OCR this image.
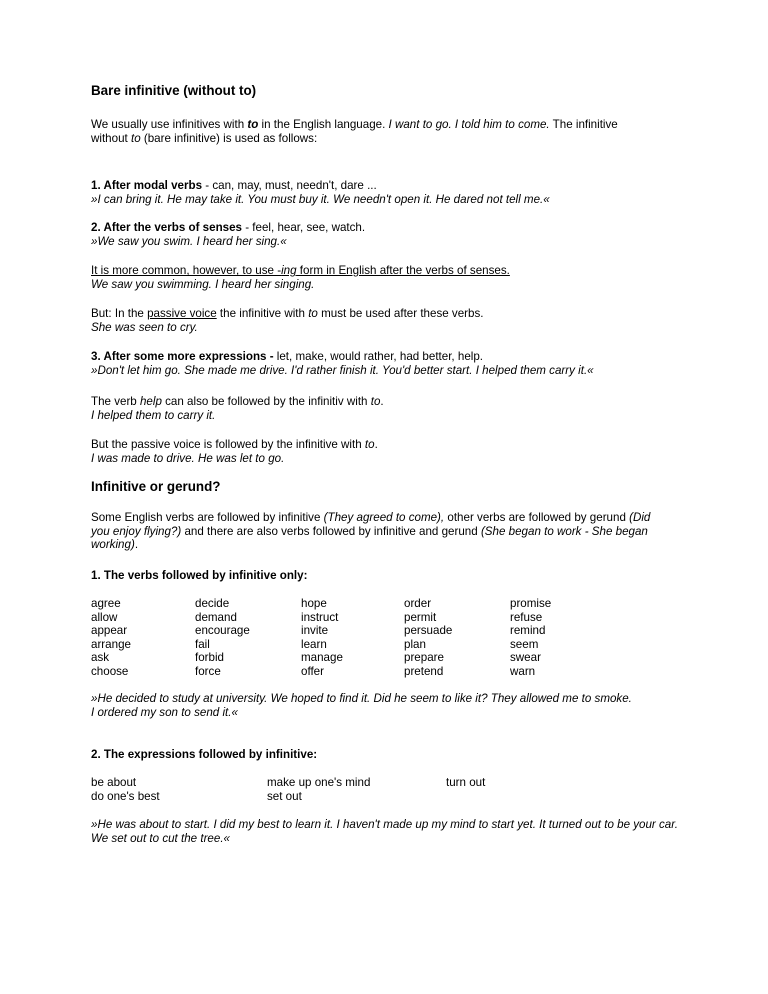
Bare infinitive (without to)

We usually use infinitives with to in the English language. I want to go. I told him to come. The infinitive without to (bare infinitive) is used as follows:

1. After modal verbs - can, may, must, needn't, dare ...
»I can bring it. He may take it. You must buy it. We needn't open it. He dared not tell me.«

2. After the verbs of senses - feel, hear, see, watch.
»We saw you swim. I heard her sing.«

It is more common, however, to use -ing form in English after the verbs of senses.
We saw you swimming. I heard her singing.

But: In the passive voice the infinitive with to must be used after these verbs.
She was seen to cry.

3. After some more expressions - let, make, would rather, had better, help.
»Don't let him go. She made me drive. I'd rather finish it. You'd better start. I helped them carry it.«

The verb help can also be followed by the infinitiv with to.
I helped them to carry it.

But the passive voice is followed by the infinitive with to.
I was made to drive. He was let to go.

Infinitive or gerund?

Some English verbs are followed by infinitive (They agreed to come), other verbs are followed by gerund (Did you enjoy flying?) and there are also verbs followed by infinitive and gerund (She began to work - She began working).

1. The verbs followed by infinitive only:
agree
allow
appear
arrange
ask
choose
decide
demand
encourage
fail
forbid
force
hope
instruct
invite
learn
manage
offer
order
permit
persuade
plan
prepare
pretend
promise
refuse
remind
seem
swear
warn

»He decided to study at university. We hoped to find it. Did he seem to like it? They allowed me to smoke.
I ordered my son to send it.«

2. The expressions followed by infinitive:
be about
do one's best
make up one's mind
set out
turn out

»He was about to start. I did my best to learn it. I haven't made up my mind to start yet. It turned out to be your car. We set out to cut the tree.«
